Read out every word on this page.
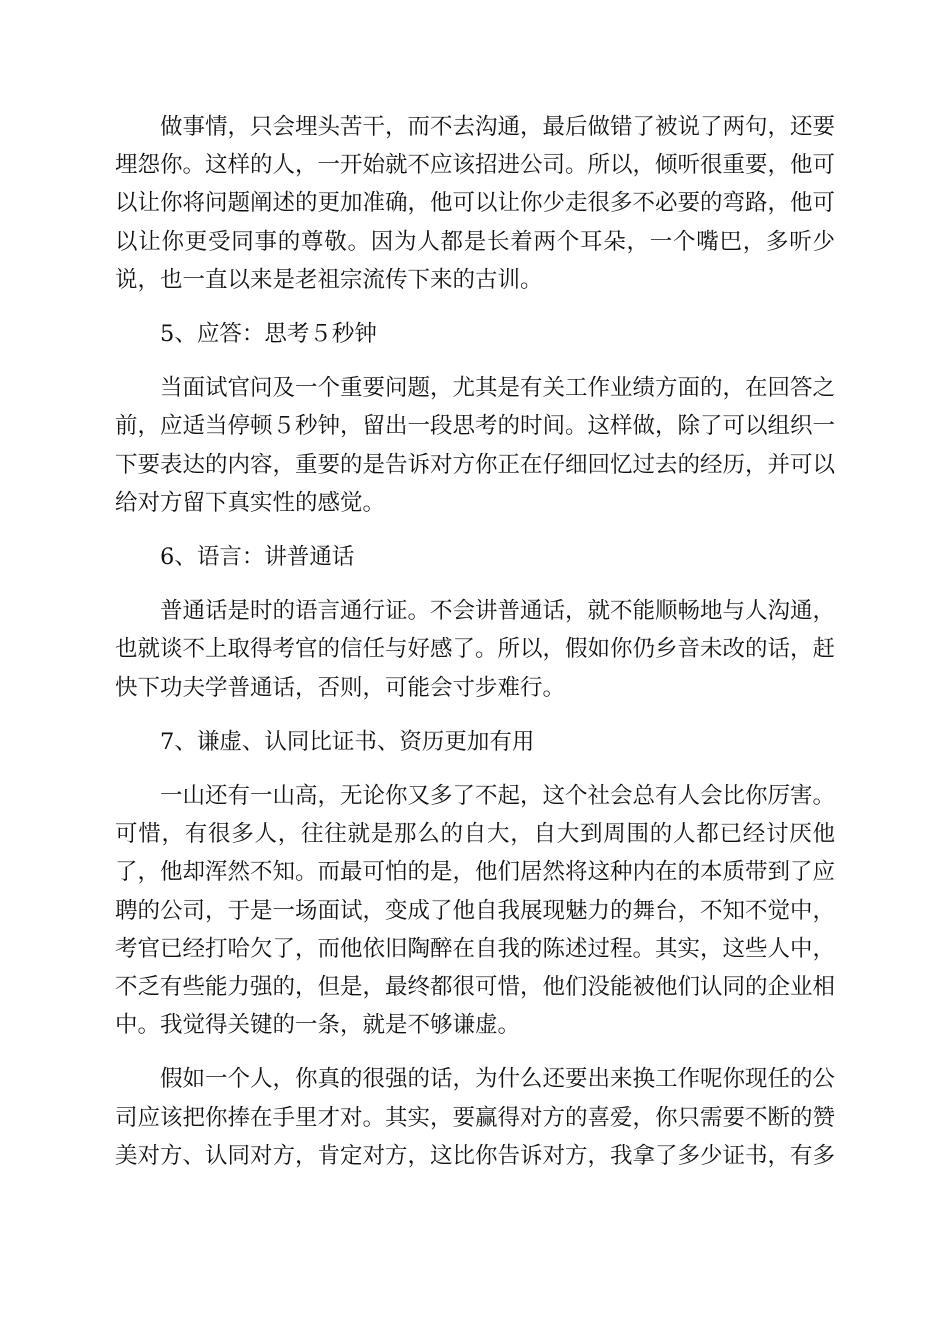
做事情，只会埋头苦干，而不去沟通，最后做错了被说了两句，还要埋怨你。这样的人，一开始就不应该招进公司。所以，倾听很重要，他可以让你将问题阐述的更加准确，他可以让你少走很多不必要的弯路，他可以让你更受同事的尊敬。因为人都是长着两个耳朵，一个嘴巴，多听少说，也一直以来是老祖宗流传下来的古训。

5、应答：思考５秒钟

当面试官问及一个重要问题，尤其是有关工作业绩方面的，在回答之前，应适当停顿５秒钟，留出一段思考的时间。这样做，除了可以组织一下要表达的内容，重要的是告诉对方你正在仔细回忆过去的经历，并可以给对方留下真实性的感觉。

6、语言：讲普通话

普通话是时的语言通行证。不会讲普通话，就不能顺畅地与人沟通，也就谈不上取得考官的信任与好感了。所以，假如你仍乡音未改的话，赶快下功夫学普通话，否则，可能会寸步难行。

7、谦虚、认同比证书、资历更加有用

一山还有一山高，无论你又多了不起，这个社会总有人会比你厉害。可惜，有很多人，往往就是那么的自大，自大到周围的人都已经讨厌他了，他却浑然不知。而最可怕的是，他们居然将这种内在的本质带到了应聘的公司，于是一场面试，变成了他自我展现魅力的舞台，不知不觉中，考官已经打哈欠了，而他依旧陶醉在自我的陈述过程。其实，这些人中，不乏有些能力强的，但是，最终都很可惜，他们没能被他们认同的企业相中。我觉得关键的一条，就是不够谦虚。

假如一个人，你真的很强的话，为什么还要出来换工作呢你现任的公司应该把你捧在手里才对。其实，要赢得对方的喜爱，你只需要不断的赞美对方、认同对方，肯定对方，这比你告诉对方，我拿了多少证书，有多
